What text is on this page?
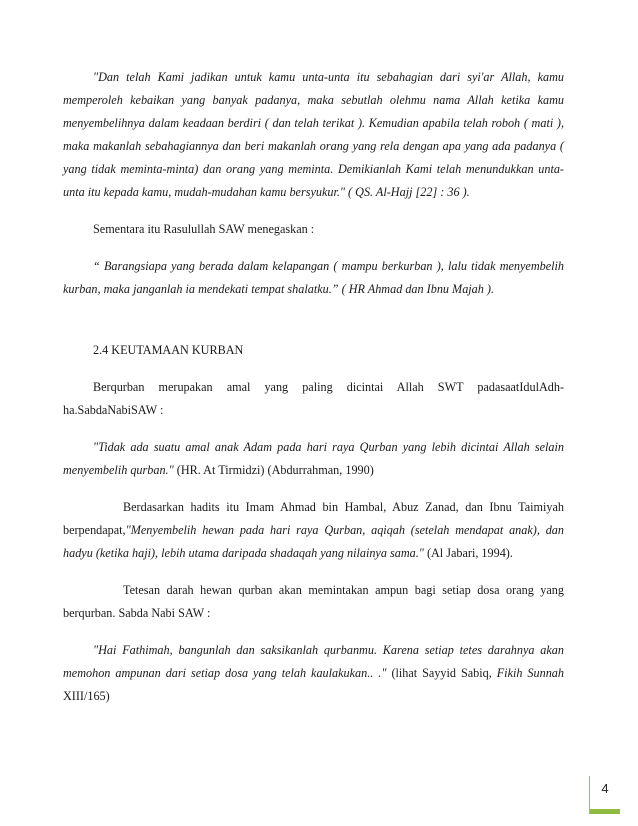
"Dan telah Kami jadikan untuk kamu unta-unta itu sebahagian dari syi'ar Allah, kamu memperoleh kebaikan yang banyak padanya, maka sebutlah olehmu nama Allah ketika kamu menyembelihnya dalam keadaan berdiri ( dan telah terikat ). Kemudian apabila telah roboh ( mati ), maka makanlah sebahagiannya dan beri makanlah orang yang rela dengan apa yang ada padanya ( yang tidak meminta-minta) dan orang yang meminta. Demikianlah Kami telah menundukkan unta-unta itu kepada kamu, mudah-mudahan kamu bersyukur." ( QS. Al-Hajj [22] : 36 ).

Sementara itu Rasulullah SAW menegaskan :

“ Barangsiapa yang berada dalam kelapangan ( mampu berkurban ), lalu tidak menyembelih kurban, maka janganlah ia mendekati tempat shalatku.” ( HR Ahmad dan Ibnu Majah ).

2.4 KEUTAMAAN KURBAN

Berqurban merupakan amal yang paling dicintai Allah SWT padasaatIdulAdh-ha.SabdaNabiSAW :

"Tidak ada suatu amal anak Adam pada hari raya Qurban yang lebih dicintai Allah selain menyembelih qurban." (HR. At Tirmidzi) (Abdurrahman, 1990)

Berdasarkan hadits itu Imam Ahmad bin Hambal, Abuz Zanad, dan Ibnu Taimiyah berpendapat,"Menyembelih hewan pada hari raya Qurban, aqiqah (setelah mendapat anak), dan hadyu (ketika haji), lebih utama daripada shadaqah yang nilainya sama." (Al Jabari, 1994).

Tetesan darah hewan qurban akan memintakan ampun bagi setiap dosa orang yang berqurban. Sabda Nabi SAW :

"Hai Fathimah, bangunlah dan saksikanlah qurbanmu. Karena setiap tetes darahnya akan memohon ampunan dari setiap dosa yang telah kaulakukan.. ." (lihat Sayyid Sabiq, Fikih Sunnah XIII/165)

4
